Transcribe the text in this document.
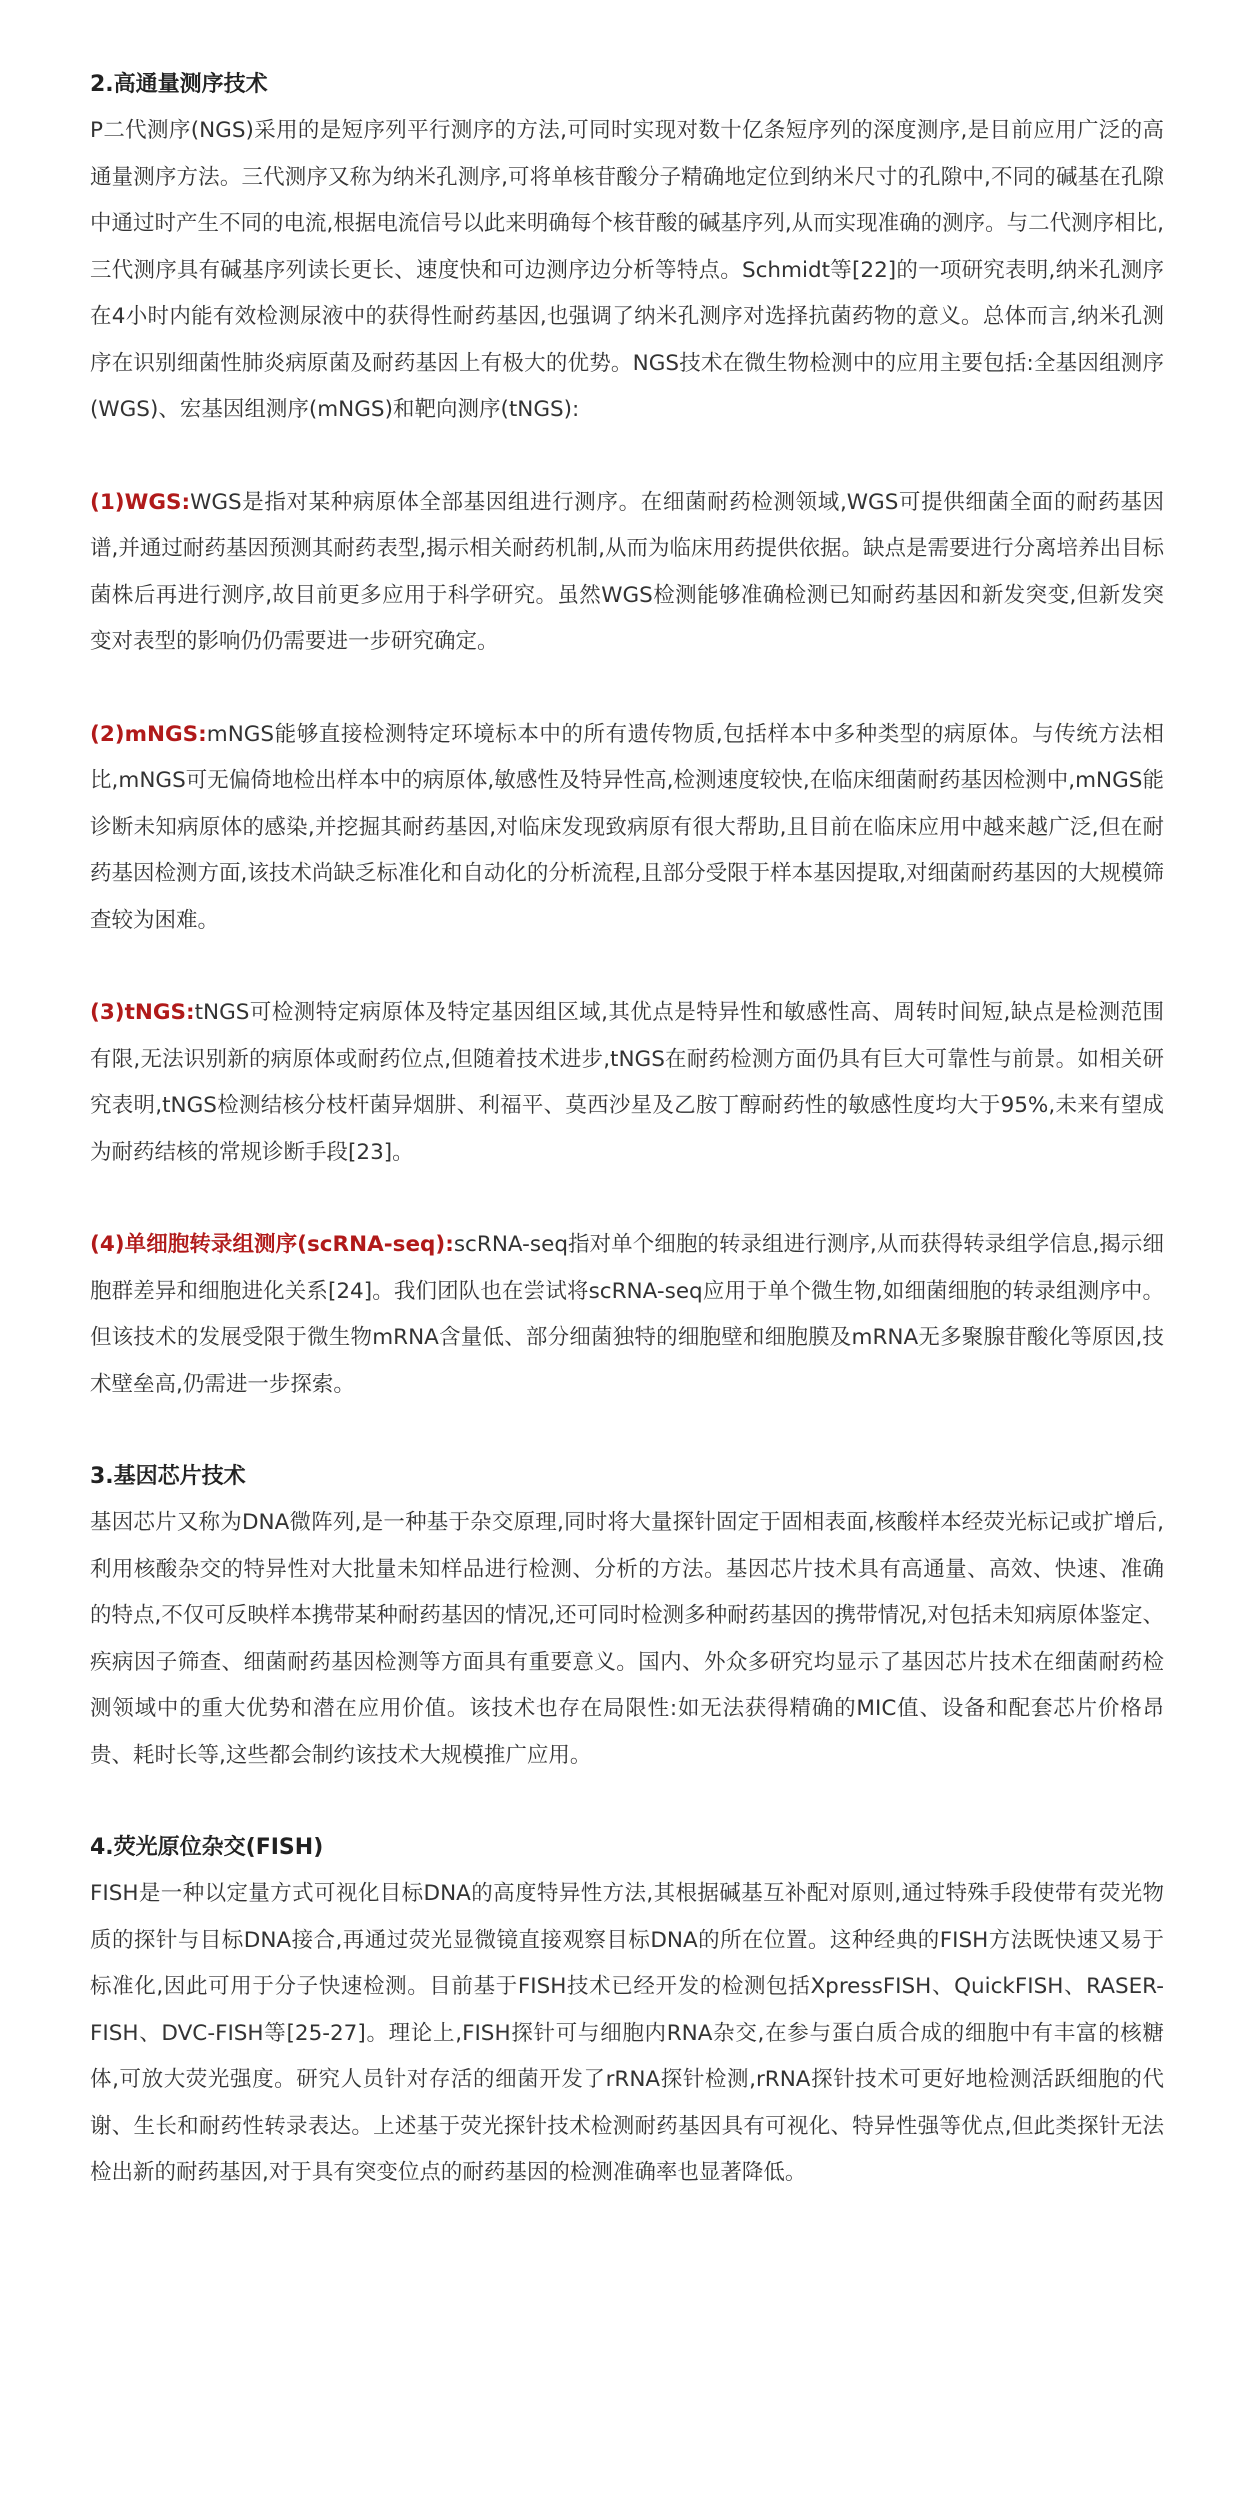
2.高通量测序技术

P二代测序(NGS)采用的是短序列平行测序的方法,可同时实现对数十亿条短序列的深度测序,是目前应用广泛的高通量测序方法。三代测序又称为纳米孔测序,可将单核苷酸分子精确地定位到纳米尺寸的孔隙中,不同的碱基在孔隙中通过时产生不同的电流,根据电流信号以此来明确每个核苷酸的碱基序列,从而实现准确的测序。与二代测序相比,三代测序具有碱基序列读长更长、速度快和可边测序边分析等特点。Schmidt等[22]的一项研究表明,纳米孔测序在4小时内能有效检测尿液中的获得性耐药基因,也强调了纳米孔测序对选择抗菌药物的意义。总体而言,纳米孔测序在识别细菌性肺炎病原菌及耐药基因上有极大的优势。NGS技术在微生物检测中的应用主要包括:全基因组测序(WGS)、宏基因组测序(mNGS)和靶向测序(tNGS):

(1)WGS:WGS是指对某种病原体全部基因组进行测序。在细菌耐药检测领域,WGS可提供细菌全面的耐药基因谱,并通过耐药基因预测其耐药表型,揭示相关耐药机制,从而为临床用药提供依据。缺点是需要进行分离培养出目标菌株后再进行测序,故目前更多应用于科学研究。虽然WGS检测能够准确检测已知耐药基因和新发突变,但新发突变对表型的影响仍仍需要进一步研究确定。

(2)mNGS:mNGS能够直接检测特定环境标本中的所有遗传物质,包括样本中多种类型的病原体。与传统方法相比,mNGS可无偏倚地检出样本中的病原体,敏感性及特异性高,检测速度较快,在临床细菌耐药基因检测中,mNGS能诊断未知病原体的感染,并挖掘其耐药基因,对临床发现致病原有很大帮助,且目前在临床应用中越来越广泛,但在耐药基因检测方面,该技术尚缺乏标准化和自动化的分析流程,且部分受限于样本基因提取,对细菌耐药基因的大规模筛查较为困难。

(3)tNGS:tNGS可检测特定病原体及特定基因组区域,其优点是特异性和敏感性高、周转时间短,缺点是检测范围有限,无法识别新的病原体或耐药位点,但随着技术进步,tNGS在耐药检测方面仍具有巨大可靠性与前景。如相关研究表明,tNGS检测结核分枝杆菌异烟肼、利福平、莫西沙星及乙胺丁醇耐药性的敏感性度均大于95%,未来有望成为耐药结核的常规诊断手段[23]。

(4)单细胞转录组测序(scRNA-seq):scRNA-seq指对单个细胞的转录组进行测序,从而获得转录组学信息,揭示细胞群差异和细胞进化关系[24]。我们团队也在尝试将scRNA-seq应用于单个微生物,如细菌细胞的转录组测序中。但该技术的发展受限于微生物mRNA含量低、部分细菌独特的细胞壁和细胞膜及mRNA无多聚腺苷酸化等原因,技术壁垒高,仍需进一步探索。

3.基因芯片技术

基因芯片又称为DNA微阵列,是一种基于杂交原理,同时将大量探针固定于固相表面,核酸样本经荧光标记或扩增后,利用核酸杂交的特异性对大批量未知样品进行检测、分析的方法。基因芯片技术具有高通量、高效、快速、准确的特点,不仅可反映样本携带某种耐药基因的情况,还可同时检测多种耐药基因的携带情况,对包括未知病原体鉴定、疾病因子筛查、细菌耐药基因检测等方面具有重要意义。国内、外众多研究均显示了基因芯片技术在细菌耐药检测领域中的重大优势和潜在应用价值。该技术也存在局限性:如无法获得精确的MIC值、设备和配套芯片价格昂贵、耗时长等,这些都会制约该技术大规模推广应用。

4.荧光原位杂交(FISH)

FISH是一种以定量方式可视化目标DNA的高度特异性方法,其根据碱基互补配对原则,通过特殊手段使带有荧光物质的探针与目标DNA接合,再通过荧光显微镜直接观察目标DNA的所在位置。这种经典的FISH方法既快速又易于标准化,因此可用于分子快速检测。目前基于FISH技术已经开发的检测包括XpressFISH、QuickFISH、RASER-FISH、DVC-FISH等[25-27]。理论上,FISH探针可与细胞内RNA杂交,在参与蛋白质合成的细胞中有丰富的核糖体,可放大荧光强度。研究人员针对存活的细菌开发了rRNA探针检测,rRNA探针技术可更好地检测活跃细胞的代谢、生长和耐药性转录表达。上述基于荧光探针技术检测耐药基因具有可视化、特异性强等优点,但此类探针无法检出新的耐药基因,对于具有突变位点的耐药基因的检测准确率也显著降低。
